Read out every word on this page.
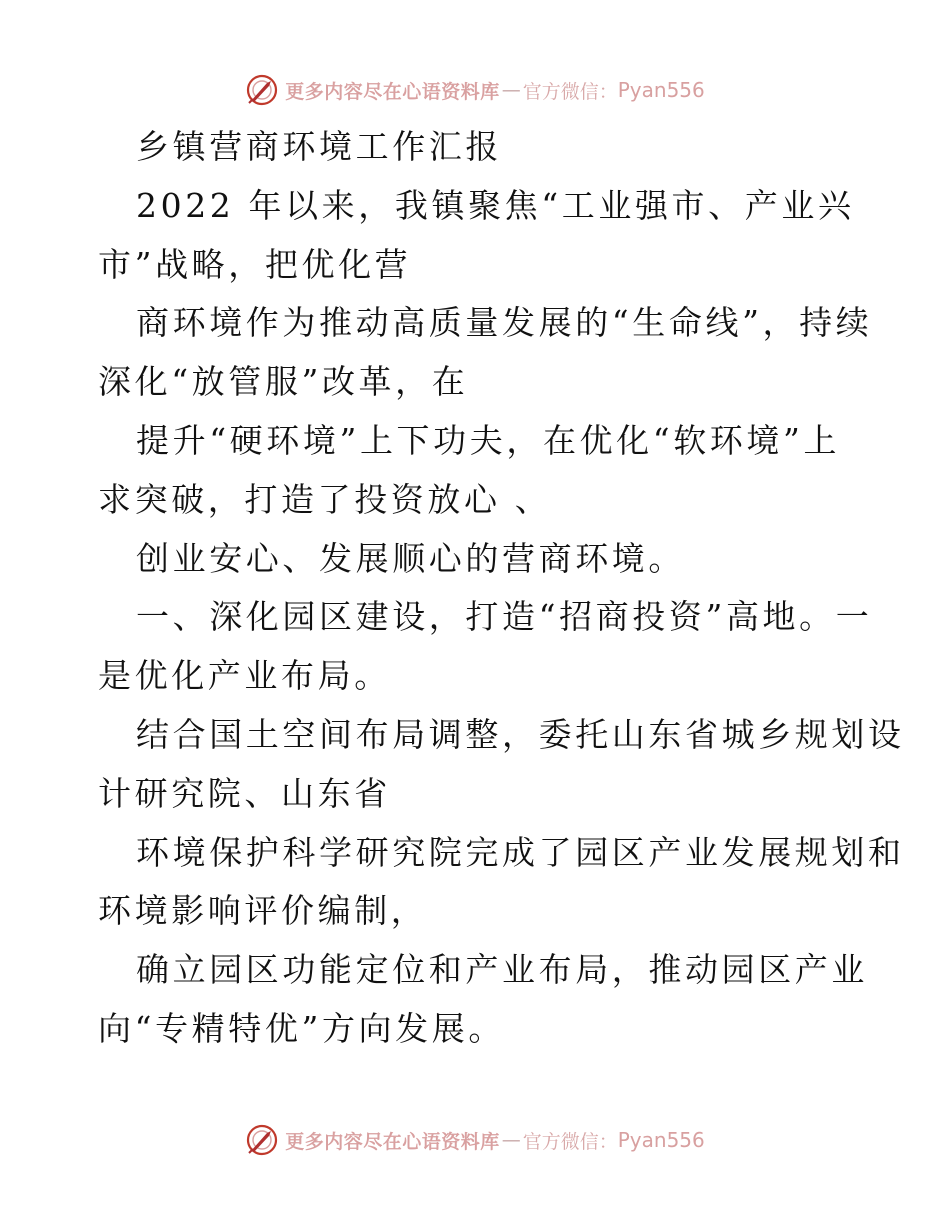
更多内容尽在心语资料库 — 官方微信： Pyan556
乡镇营商环境工作汇报
2022 年以来，我镇聚焦“工业强市、产业兴
市”战略，把优化营
商环境作为推动高质量发展的“生命线”，持续
深化“放管服”改革，在
提升“硬环境”上下功夫，在优化“软环境”上
求突破，打造了投资放心 、
创业安心、发展顺心的营商环境。
一、深化园区建设，打造“招商投资”高地。一
是优化产业布局。
结合国土空间布局调整，委托山东省城乡规划设
计研究院、山东省
环境保护科学研究院完成了园区产业发展规划和
环境影响评价编制，
确立园区功能定位和产业布局，推动园区产业
向“专精特优”方向发展。
更多内容尽在心语资料库 — 官方微信： Pyan556
